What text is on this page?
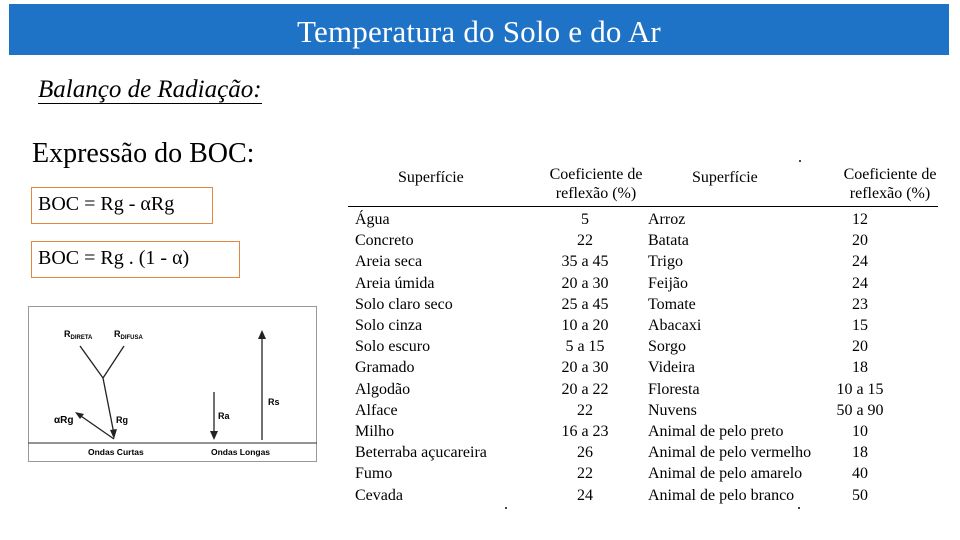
Temperatura do Solo e do Ar
Balanço de Radiação:
Expressão do BOC:
BOC = Rg - αRg
BOC = Rg . (1 - α)
$R_{DIRETA}$ $R_{DIFUSA}$
αRg	Rg	Ra
Rs
Ondas Curtas	Ondas Longas
Superfície	Coeficiente de
reflexão (%)
Superfície	Coeficiente de
reflexão (%)
Água	5	Arroz	12
Concreto	22	Batata	20
Areia seca	35 a 45	Trigo	24
Areia úmida	20 a 30	Feijão	24
Solo claro seco	25 a 45	Tomate	23
Solo cinza	10 a 20	Abacaxi	15
Solo escuro	5 a 15	Sorgo	20
Gramado	20 a 30	Videira	18
Algodão	20 a 22	Floresta	10 a 15
Alface	22	Nuvens	50 a 90
Milho	16 a 23	Animal de pelo preto	10
Beterraba açucareira	26	Animal de pelo vermelho	18
Fumo	22	Animal de pelo amarelo	40
Cevada	24	Animal de pelo branco	50
